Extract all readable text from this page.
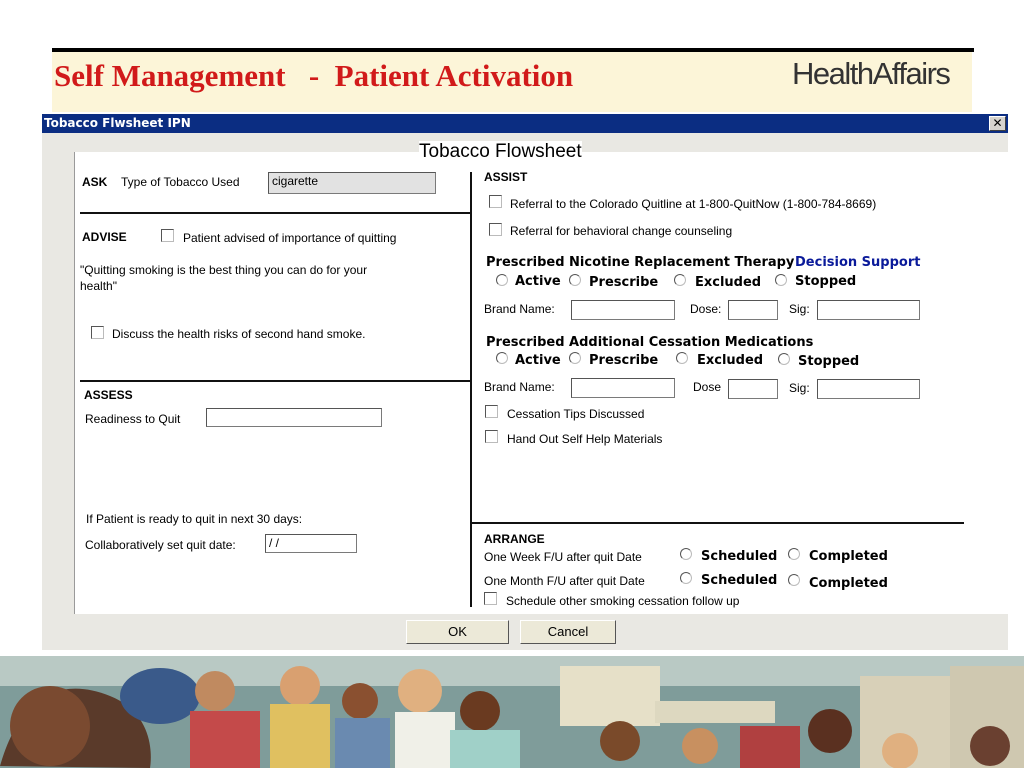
Self Management   -  Patient Activation	HealthAffairs
Tobacco Flwsheet IPN	✕
Tobacco Flowsheet
ASK Type of Tobacco Used	cigarette
ADVISE	Patient advised of importance of quitting
"Quitting smoking is the best thing you can do for your
health"
Discuss the health risks of second hand smoke.
ASSESS
Readiness to Quit
If Patient is ready to quit in next 30 days:
Collaboratively set quit date:	/ /
ASSIST
Referral to the Colorado Quitline at 1-800-QuitNow (1-800-784-8669)
Referral for behavioral change counseling
Prescribed Nicotine Replacement Therapy Decision Support
Active Prescribe	Excluded	Stopped
Brand Name:	Dose:	Sig:
Prescribed Additional Cessation Medications
Active Prescribe	Excluded	Stopped
Brand Name:	Dose	Sig:
Cessation Tips Discussed
Hand Out Self Help Materials
ARRANGE
One Week F/U after quit Date	Scheduled Completed
One Month F/U after quit Date	Scheduled Completed
Schedule other smoking cessation follow up
OK	Cancel
